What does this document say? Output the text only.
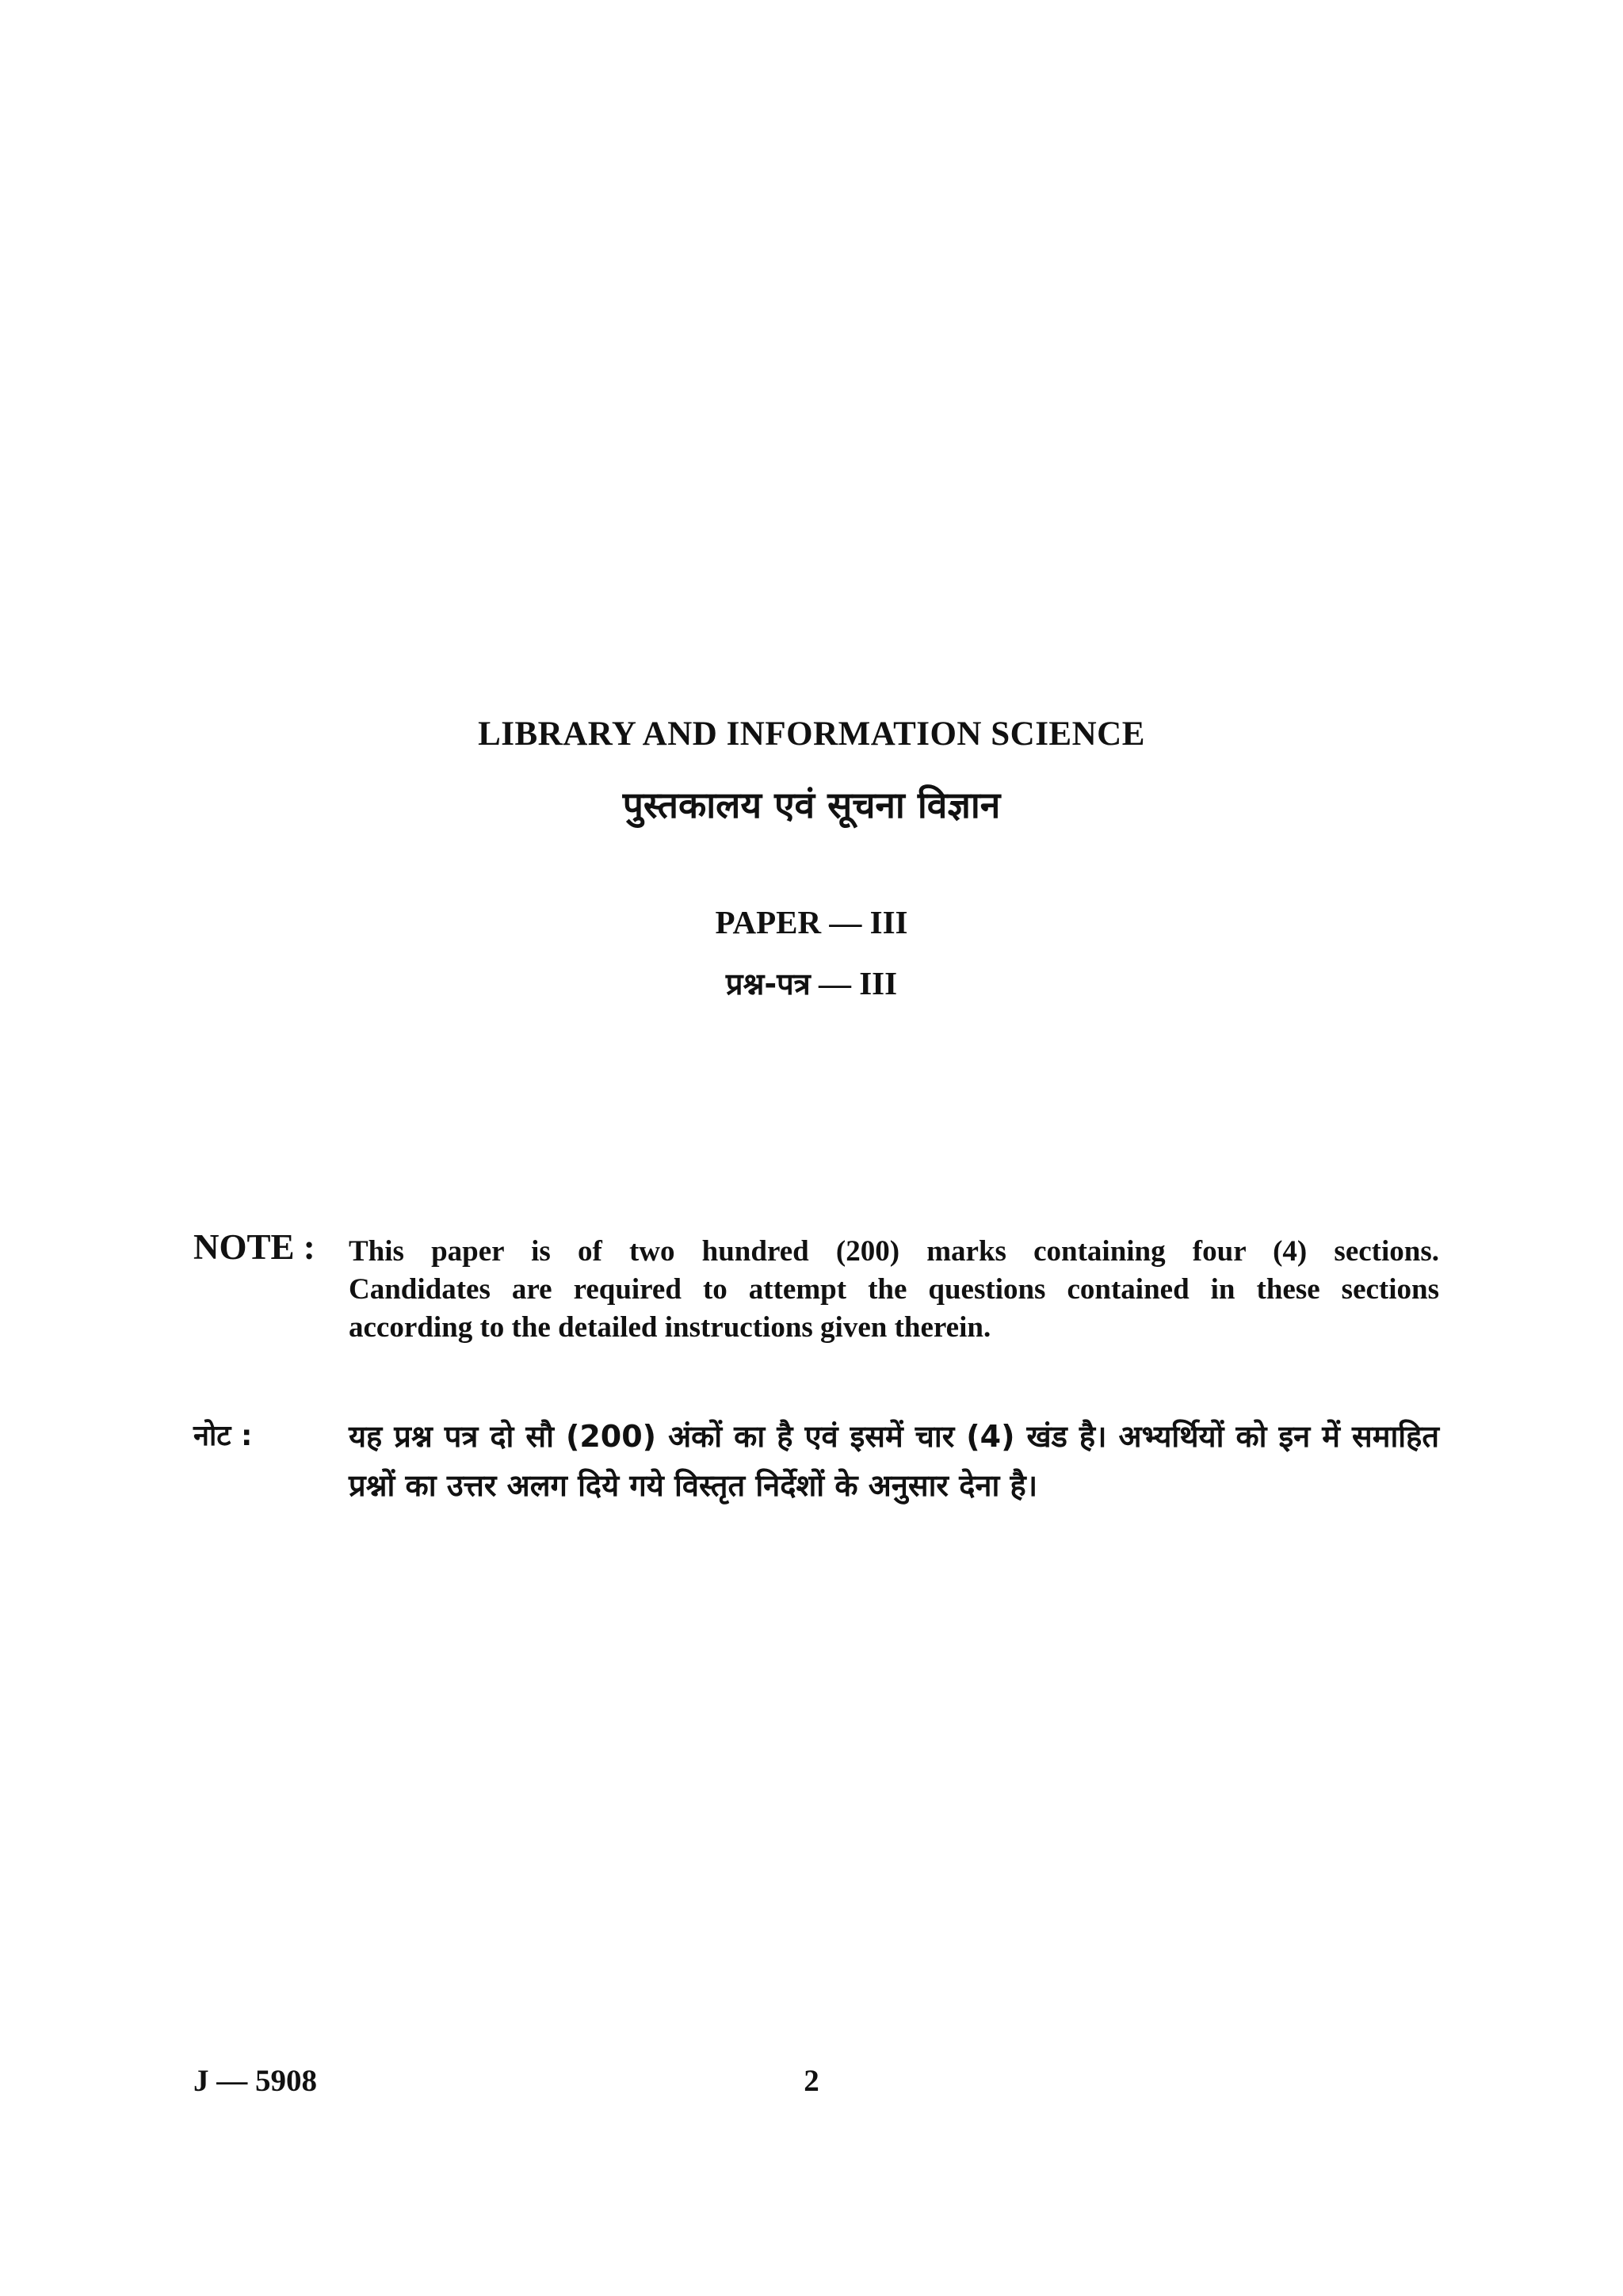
LIBRARY AND INFORMATION SCIENCE
पुस्तकालय एवं सूचना विज्ञान
PAPER — III
प्रश्न-पत्र — III
NOTE : This paper is of two hundred (200) marks containing four (4) sections.
Candidates are required to attempt the questions contained in these sections
according to the detailed instructions given therein.
नोट :	यह प्रश्न पत्र दो सौ (200) अंकों का है एवं इसमें चार (4) खंड है। अभ्यर्थियों को इन में समाहित
प्रश्नों का उत्तर अलग दिये गये विस्तृत निर्देशों के अनुसार देना है।
J — 5908	2
